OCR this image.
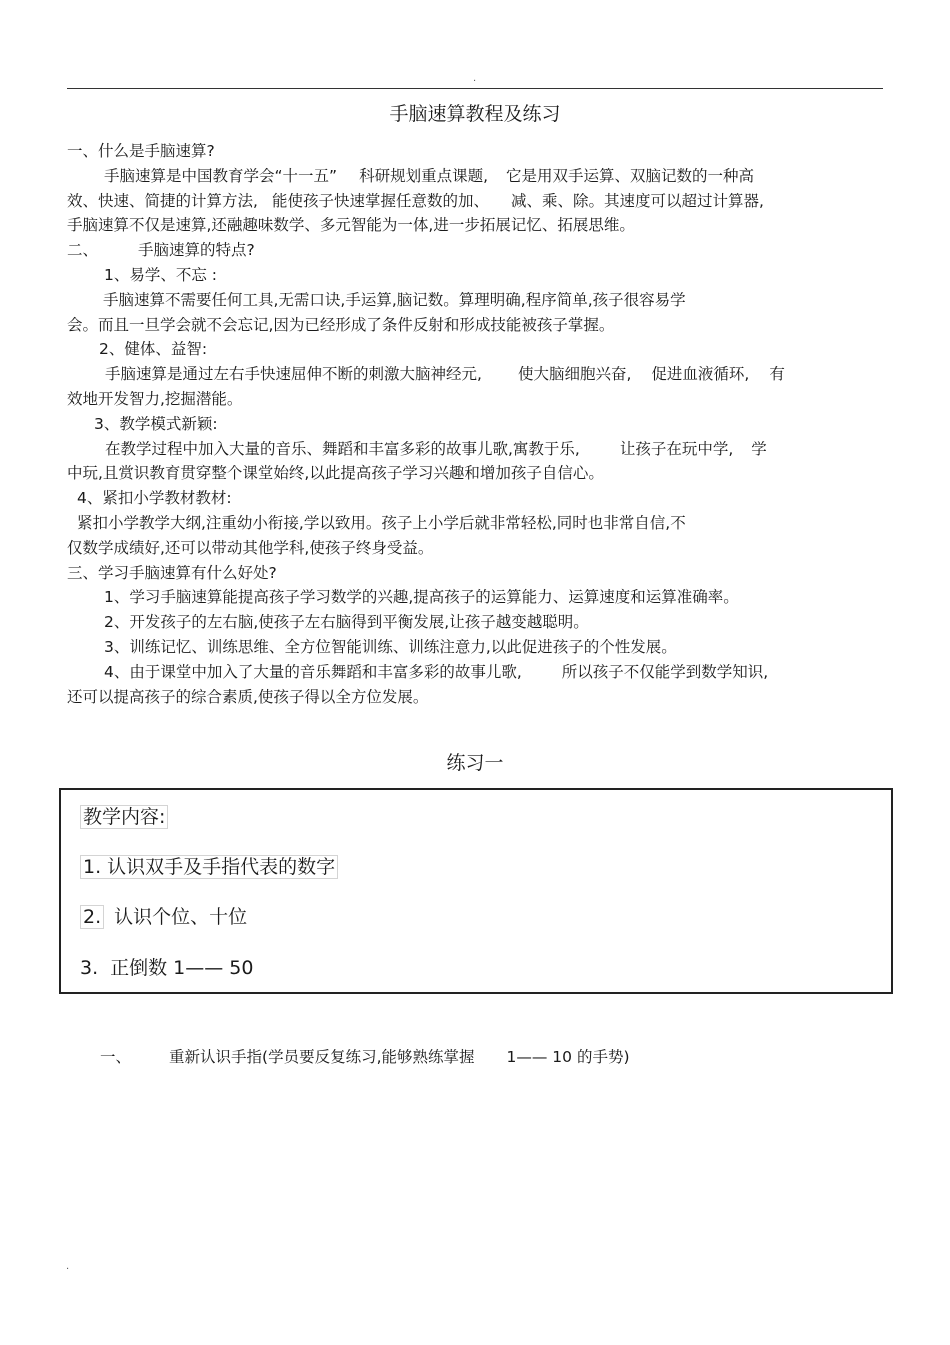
.
手脑速算教程及练习

一、什么是手脑速算?

手脑速算是中国教育学会“十一五” 科研规划重点课题, 它是用双手运算、双脑记数的一种高

效、快速、简捷的计算方法, 能使孩子快速掌握任意数的加、 减、乘、除。其速度可以超过计算器,

手脑速算不仅是速算,还融趣味数学、多元智能为一体,进一步拓展记忆、拓展思维。

二、	手脑速算的特点?

1、易学、不忘 :

手脑速算不需要任何工具,无需口诀,手运算,脑记数。算理明确,程序简单,孩子很容易学

会。而且一旦学会就不会忘记,因为已经形成了条件反射和形成技能被孩子掌握。

2、健体、益智:

手脑速算是通过左右手快速屈伸不断的刺激大脑神经元, 使大脑细胞兴奋, 促进血液循环, 有

效地开发智力,挖掘潜能。

3、教学模式新颖:

在教学过程中加入大量的音乐、舞蹈和丰富多彩的故事儿歌,寓教于乐,	让孩子在玩中学, 学

中玩,且赏识教育贯穿整个课堂始终,以此提高孩子学习兴趣和增加孩子自信心。

4、紧扣小学教材教材:

紧扣小学教学大纲,注重幼小衔接,学以致用。孩子上小学后就非常轻松,同时也非常自信,不

仅数学成绩好,还可以带动其他学科,使孩子终身受益。

三、学习手脑速算有什么好处?

1、学习手脑速算能提高孩子学习数学的兴趣,提高孩子的运算能力、运算速度和运算准确率。

2、开发孩子的左右脑,使孩子左右脑得到平衡发展,让孩子越变越聪明。

3、训练记忆、训练思维、全方位智能训练、训练注意力,以此促进孩子的个性发展。

4、由于课堂中加入了大量的音乐舞蹈和丰富多彩的故事儿歌,	所以孩子不仅能学到数学知识,

还可以提高孩子的综合素质,使孩子得以全方位发展。

练习一
教学内容:
1. 认识双手及手指代表的数字
2. 认识个位、十位
3. 正倒数 1—— 50
一、 重新认识手指(学员要反复练习,能够熟练掌握 1—— 10 的手势)
.
